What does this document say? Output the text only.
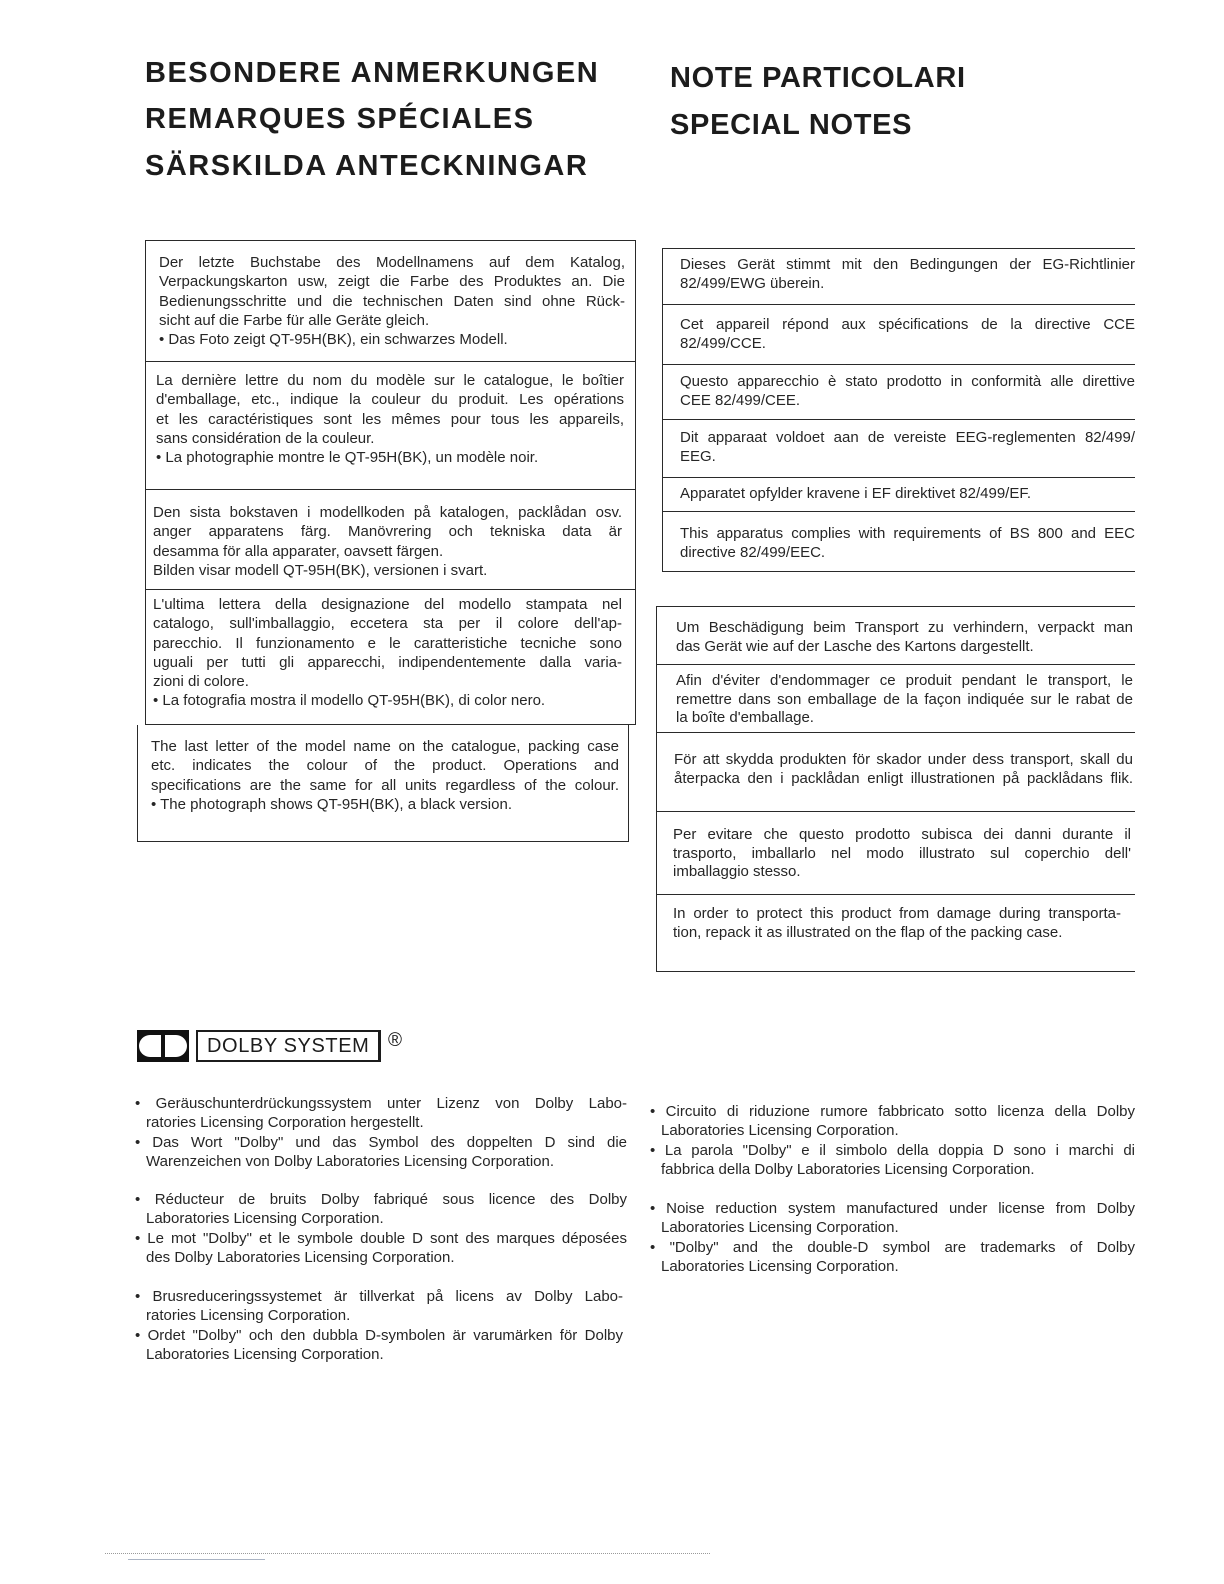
BESONDERE ANMERKUNGEN
REMARQUES SPÉCIALES
SÄRSKILDA ANTECKNINGAR
NOTE PARTICOLARI
SPECIAL NOTES
Der letzte Buchstabe des Modellnamens auf dem Katalog,
Verpackungskarton usw, zeigt die Farbe des Produktes an. Die
Bedienungsschritte und die technischen Daten sind ohne Rück-
sicht auf die Farbe für alle Geräte gleich.
• Das Foto zeigt QT-95H(BK), ein schwarzes Modell.
La dernière lettre du nom du modèle sur le catalogue, le boîtier
d'emballage, etc., indique la couleur du produit. Les opérations
et les caractéristiques sont les mêmes pour tous les appareils,
sans considération de la couleur.
• La photographie montre le QT-95H(BK), un modèle noir.
Den sista bokstaven i modellkoden på katalogen, packlådan osv.
anger apparatens färg. Manövrering och tekniska data är
desamma för alla apparater, oavsett färgen.
Bilden visar modell QT-95H(BK), versionen i svart.
L'ultima lettera della designazione del modello stampata nel
catalogo, sull'imballaggio, eccetera sta per il colore dell'ap-
parecchio. Il funzionamento e le caratteristiche tecniche sono
uguali per tutti gli apparecchi, indipendentemente dalla varia-
zioni di colore.
• La fotografia mostra il modello QT-95H(BK), di color nero.
The last letter of the model name on the catalogue, packing case
etc. indicates the colour of the product. Operations and
specifications are the same for all units regardless of the colour.
• The photograph shows QT-95H(BK), a black version.
Dieses Gerät stimmt mit den Bedingungen der EG-Richtlinier
82/499/EWG überein.
Cet appareil répond aux spécifications de la directive CCE
82/499/CCE.
Questo apparecchio è stato prodotto in conformità alle direttive
CEE 82/499/CEE.
Dit apparaat voldoet aan de vereiste EEG-reglementen 82/499/
EEG.
Apparatet opfylder kravene i EF direktivet 82/499/EF.
This apparatus complies with requirements of BS 800 and EEC
directive 82/499/EEC.
Um Beschädigung beim Transport zu verhindern, verpackt man
das Gerät wie auf der Lasche des Kartons dargestellt.
Afin d'éviter d'endommager ce produit pendant le transport, le
remettre dans son emballage de la façon indiquée sur le rabat de
la boîte d'emballage.
För att skydda produkten för skador under dess transport, skall du
återpacka den i packlådan enligt illustrationen på packlådans flik.
Per evitare che questo prodotto subisca dei danni durante il
trasporto, imballarlo nel modo illustrato sul coperchio dell'
imballaggio stesso.
In order to protect this product from damage during transporta-
tion, repack it as illustrated on the flap of the packing case.
DOLBY SYSTEM ®
• Geräuschunterdrückungssystem unter Lizenz von Dolby Labo-
ratories Licensing Corporation hergestellt.
• Das Wort "Dolby" und das Symbol des doppelten D sind die
Warenzeichen von Dolby Laboratories Licensing Corporation.
• Réducteur de bruits Dolby fabriqué sous licence des Dolby
Laboratories Licensing Corporation.
• Le mot "Dolby" et le symbole double D sont des marques déposées
des Dolby Laboratories Licensing Corporation.
• Brusreduceringssystemet är tillverkat på licens av Dolby Labo-
ratories Licensing Corporation.
• Ordet "Dolby" och den dubbla D-symbolen är varumärken för Dolby
Laboratories Licensing Corporation.
• Circuito di riduzione rumore fabbricato sotto licenza della Dolby
Laboratories Licensing Corporation.
• La parola "Dolby" e il simbolo della doppia D sono i marchi di
fabbrica della Dolby Laboratories Licensing Corporation.
• Noise reduction system manufactured under license from Dolby
Laboratories Licensing Corporation.
• "Dolby" and the double-D symbol are trademarks of Dolby
Laboratories Licensing Corporation.
